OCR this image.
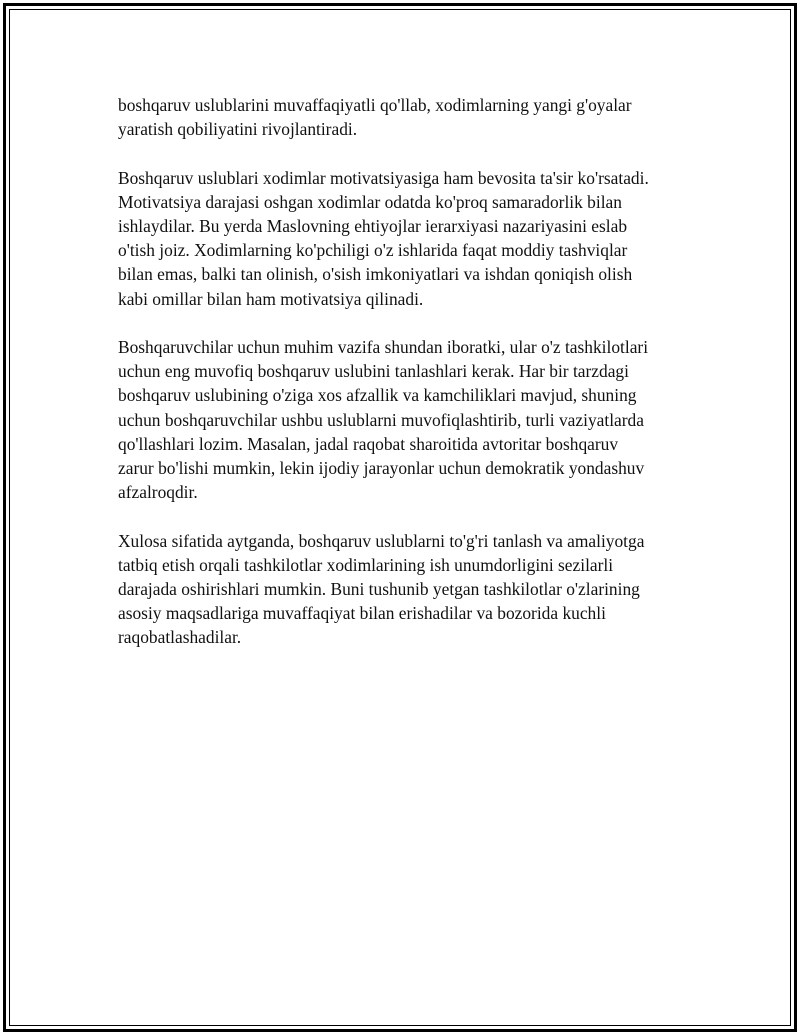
boshqaruv uslublarini muvaffaqiyatli qo'llab, xodimlarning yangi g'oyalar
yaratish qobiliyatini rivojlantiradi.

Boshqaruv uslublari xodimlar motivatsiyasiga ham bevosita ta'sir ko'rsatadi.
Motivatsiya darajasi oshgan xodimlar odatda ko'proq samaradorlik bilan
ishlaydilar. Bu yerda Maslovning ehtiyojlar ierarxiyasi nazariyasini eslab
o'tish joiz. Xodimlarning ko'pchiligi o'z ishlarida faqat moddiy tashviqlar
bilan emas, balki tan olinish, o'sish imkoniyatlari va ishdan qoniqish olish
kabi omillar bilan ham motivatsiya qilinadi.

Boshqaruvchilar uchun muhim vazifa shundan iboratki, ular o'z tashkilotlari
uchun eng muvofiq boshqaruv uslubini tanlashlari kerak. Har bir tarzdagi
boshqaruv uslubining o'ziga xos afzallik va kamchiliklari mavjud, shuning
uchun boshqaruvchilar ushbu uslublarni muvofiqlashtirib, turli vaziyatlarda
qo'llashlari lozim. Masalan, jadal raqobat sharoitida avtoritar boshqaruv
zarur bo'lishi mumkin, lekin ijodiy jarayonlar uchun demokratik yondashuv
afzalroqdir.

Xulosa sifatida aytganda, boshqaruv uslublarni to'g'ri tanlash va amaliyotga
tatbiq etish orqali tashkilotlar xodimlarining ish unumdorligini sezilarli
darajada oshirishlari mumkin. Buni tushunib yetgan tashkilotlar o'zlarining
asosiy maqsadlariga muvaffaqiyat bilan erishadilar va bozorida kuchli
raqobatlashadilar.
